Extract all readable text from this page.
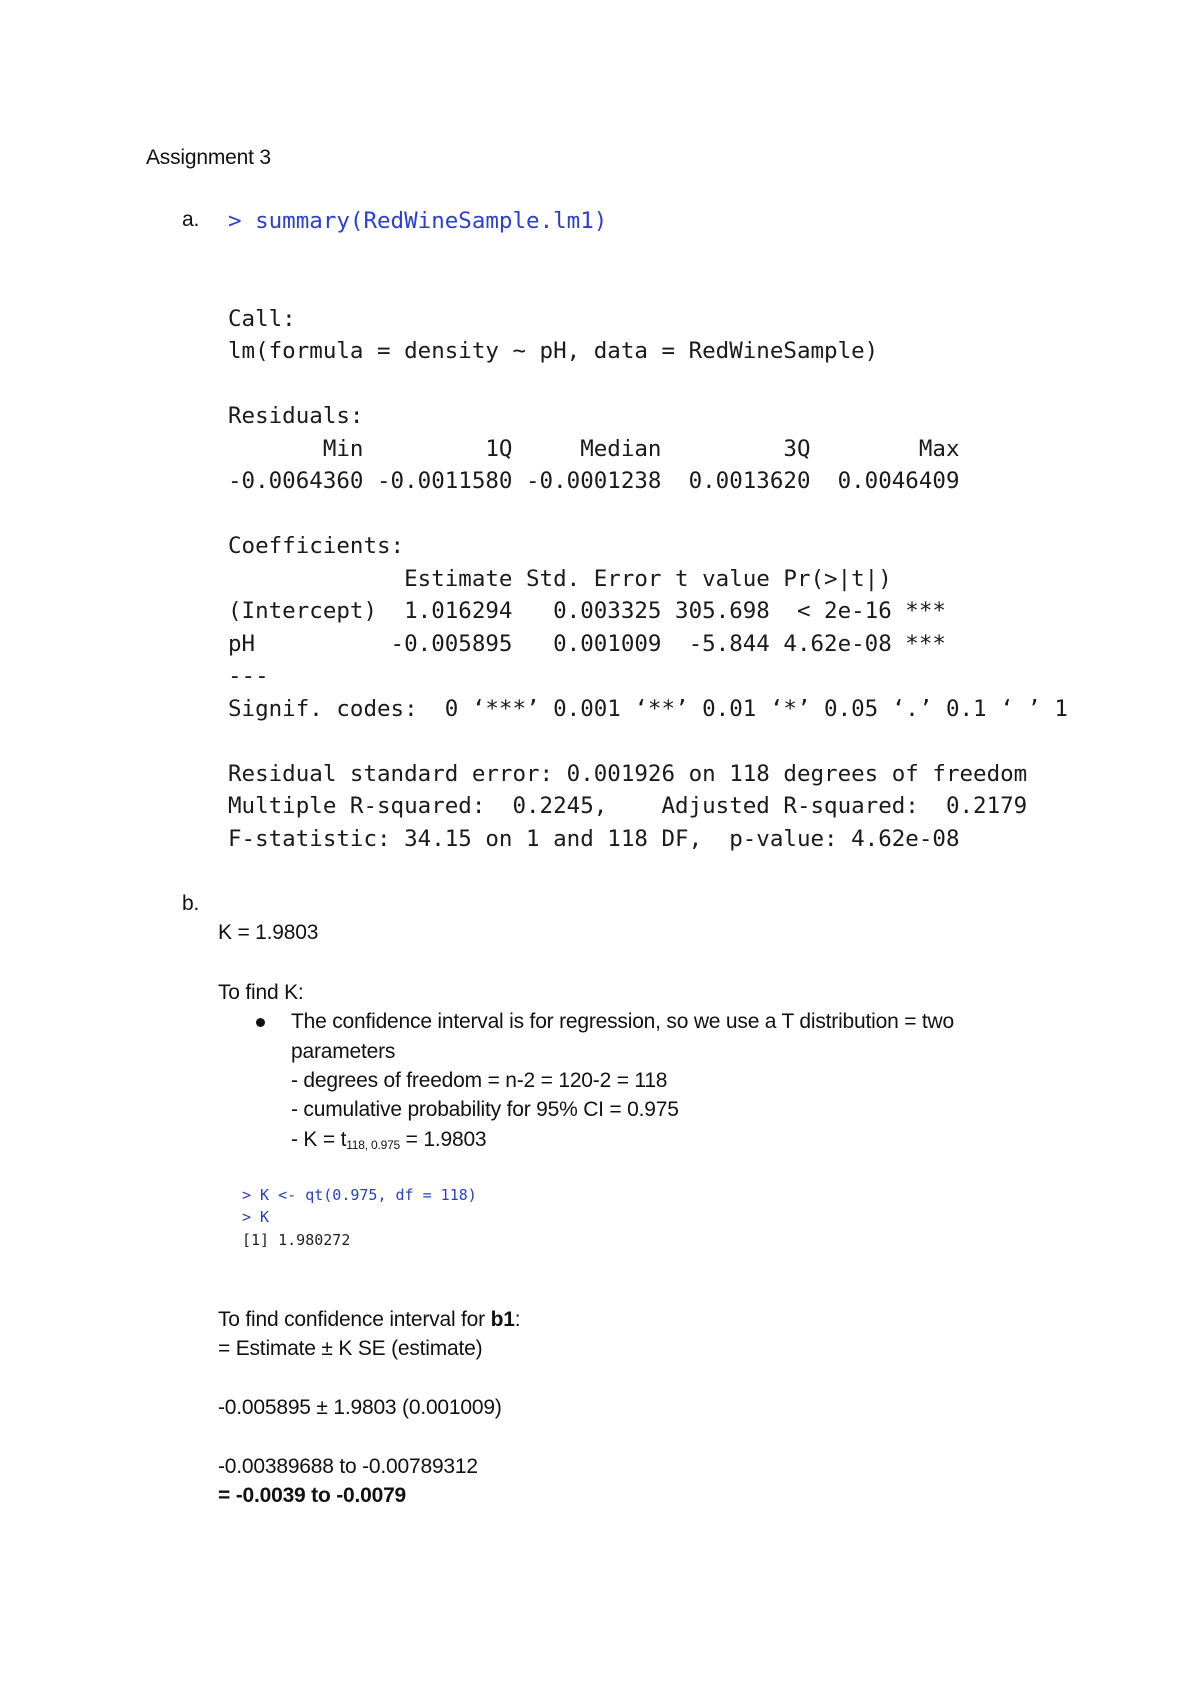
Assignment 3
a. > summary(RedWineSample.lm1)

Call:
lm(formula = density ~ pH, data = RedWineSample)

Residuals:
Min         1Q     Median         3Q        Max
-0.0064360 -0.0011580 -0.0001238  0.0013620  0.0046409

Coefficients:
Estimate Std. Error t value Pr(>|t|)
(Intercept)  1.016294   0.003325 305.698  < 2e-16 ***
pH          -0.005895   0.001009  -5.844 4.62e-08 ***
---
Signif. codes:  0 ‘***’ 0.001 ‘**’ 0.01 ‘*’ 0.05 ‘.’ 0.1 ‘ ’ 1

Residual standard error: 0.001926 on 118 degrees of freedom
Multiple R-squared:  0.2245,    Adjusted R-squared:  0.2179
F-statistic: 34.15 on 1 and 118 DF,  p-value: 4.62e-08

b.
K = 1.9803
To find K:
The confidence interval is for regression, so we use a T distribution = two
parameters
- degrees of freedom = n-2 = 120-2 = 118
- cumulative probability for 95% CI = 0.975
- $K = t_{118, 0.975} = 1.9803$
> K <- qt(0.975, df = 118)
> K
[1] 1.980272
To find confidence interval for b1:
= Estimate ± K SE (estimate)
-0.005895 ± 1.9803 (0.001009)
-0.00389688 to -0.00789312
= -0.0039 to -0.0079
